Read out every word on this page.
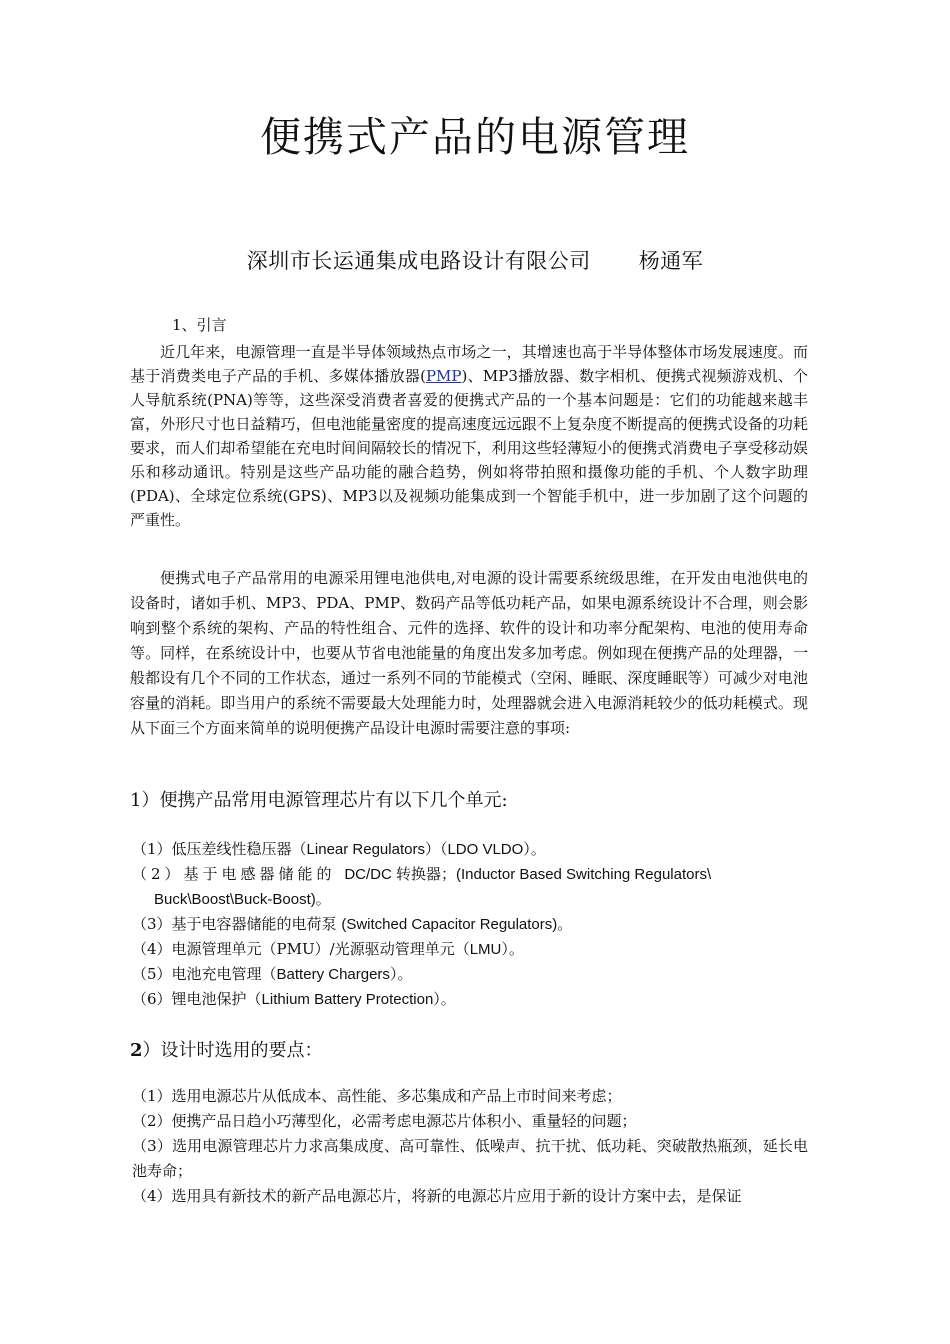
便携式产品的电源管理
深圳市长运通集成电路设计有限公司 杨通军
1、引言

近几年来，电源管理一直是半导体领域热点市场之一，其增速也高于半导体整体市场发展速度。而基于消费类电子产品的手机、多媒体播放器(PMP)、MP3播放器、数字相机、便携式视频游戏机、个人导航系统(PNA)等等，这些深受消费者喜爱的便携式产品的一个基本问题是：它们的功能越来越丰富，外形尺寸也日益精巧，但电池能量密度的提高速度远远跟不上复杂度不断提高的便携式设备的功耗要求，而人们却希望能在充电时间间隔较长的情况下，利用这些轻薄短小的便携式消费电子享受移动娱乐和移动通讯。特别是这些产品功能的融合趋势，例如将带拍照和摄像功能的手机、个人数字助理(PDA)、全球定位系统(GPS)、MP3以及视频功能集成到一个智能手机中，进一步加剧了这个问题的严重性。

便携式电子产品常用的电源采用锂电池供电,对电源的设计需要系统级思维，在开发由电池供电的设备时，诸如手机、MP3、PDA、PMP、数码产品等低功耗产品，如果电源系统设计不合理，则会影响到整个系统的架构、产品的特性组合、元件的选择、软件的设计和功率分配架构、电池的使用寿命等。同样，在系统设计中，也要从节省电池能量的角度出发多加考虑。例如现在便携产品的处理器，一般都设有几个不同的工作状态，通过一系列不同的节能模式（空闲、睡眠、深度睡眠等）可减少对电池容量的消耗。即当用户的系统不需要最大处理能力时，处理器就会进入电源消耗较少的低功耗模式。现从下面三个方面来简单的说明便携产品设计电源时需要注意的事项:

1）便携产品常用电源管理芯片有以下几个单元:
（1）低压差线性稳压器（Linear Regulators）（LDO VLDO）。
（2）基于电感器储能的 DC/DC 转换器；(Inductor Based Switching Regulators\
Buck\Boost\Buck-Boost)。
（3）基于电容器储能的电荷泵 (Switched Capacitor Regulators)。
（4）电源管理单元（PMU）/光源驱动管理单元（LMU）。
（5）电池充电管理（Battery Chargers）。
（6）锂电池保护（Lithium Battery Protection）。
2）设计时选用的要点：
（1）选用电源芯片从低成本、高性能、多芯集成和产品上市时间来考虑；
（2）便携产品日趋小巧薄型化，必需考虑电源芯片体积小、重量轻的问题；
（3）选用电源管理芯片力求高集成度、高可靠性、低噪声、抗干扰、低功耗、突破散热瓶颈，延长电池寿命；
（4）选用具有新技术的新产品电源芯片，将新的电源芯片应用于新的设计方案中去，是保证
